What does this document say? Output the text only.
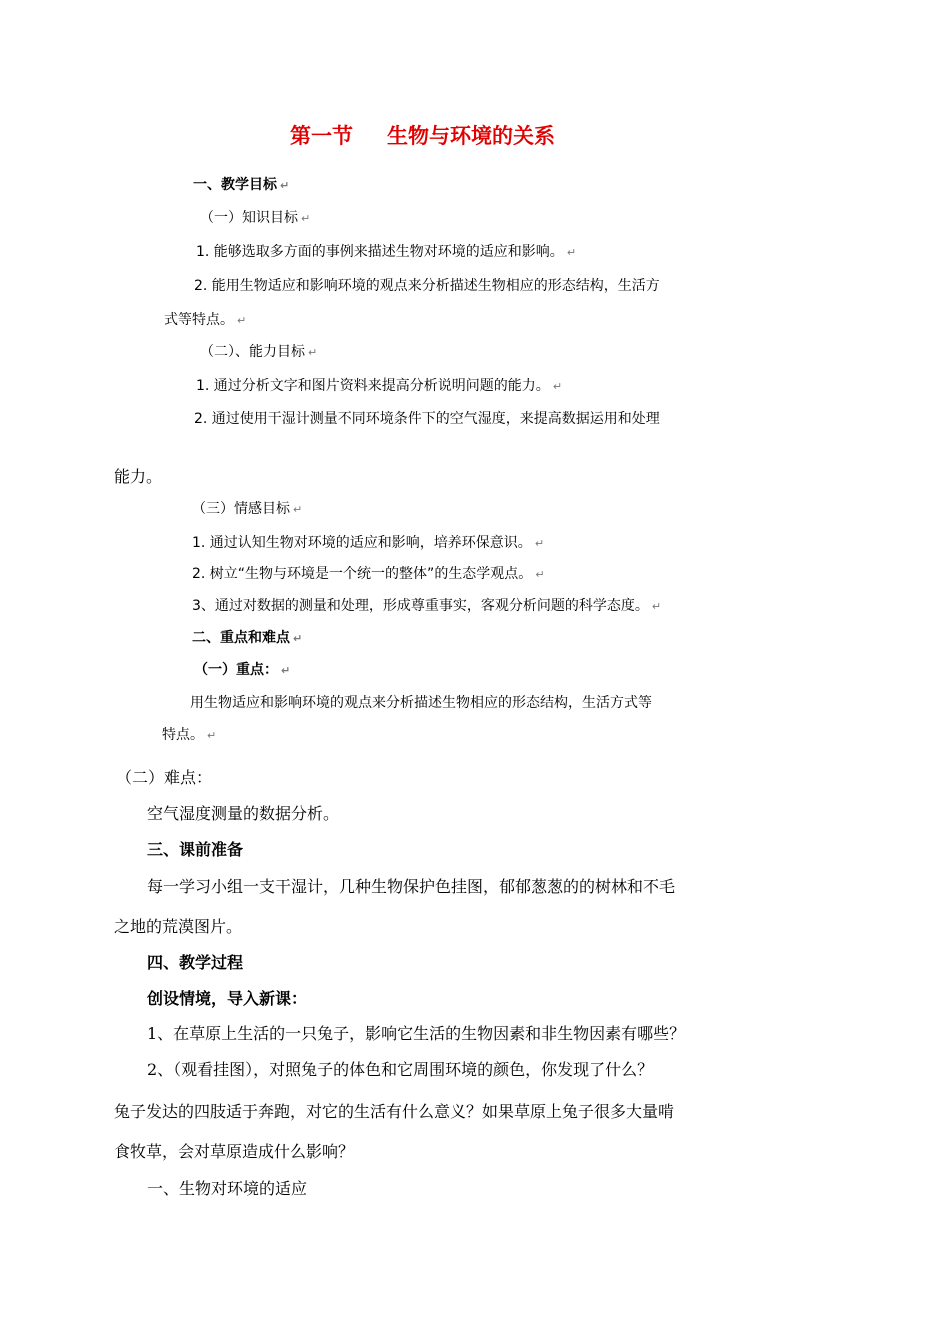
第一节 生物与环境的关系
一、教学目标 ↵
（一）知识目标 ↵
1. 能够选取多方面的事例来描述生物对环境的适应和影响。 ↵
2. 能用生物适应和影响环境的观点来分析描述生物相应的形态结构，生活方
式等特点。 ↵
（二）、能力目标 ↵
1. 通过分析文字和图片资料来提高分析说明问题的能力。 ↵
2. 通过使用干湿计测量不同环境条件下的空气湿度，来提高数据运用和处理
能力。
（三）情感目标 ↵
1. 通过认知生物对环境的适应和影响，培养环保意识。 ↵
2. 树立“生物与环境是一个统一的整体”的生态学观点。 ↵
3、通过对数据的测量和处理，形成尊重事实，客观分析问题的科学态度。 ↵
二、重点和难点 ↵
（一）重点： ↵
用生物适应和影响环境的观点来分析描述生物相应的形态结构，生活方式等
特点。 ↵
（二）难点：
空气湿度测量的数据分析。
三、课前准备
每一学习小组一支干湿计，几种生物保护色挂图，郁郁葱葱的的树林和不毛
之地的荒漠图片。
四、教学过程
创设情境，导入新课：
1、在草原上生活的一只兔子，影响它生活的生物因素和非生物因素有哪些？
2、（观看挂图），对照兔子的体色和它周围环境的颜色，你发现了什么？
兔子发达的四肢适于奔跑，对它的生活有什么意义？如果草原上兔子很多大量啃
食牧草，会对草原造成什么影响？
一、生物对环境的适应
